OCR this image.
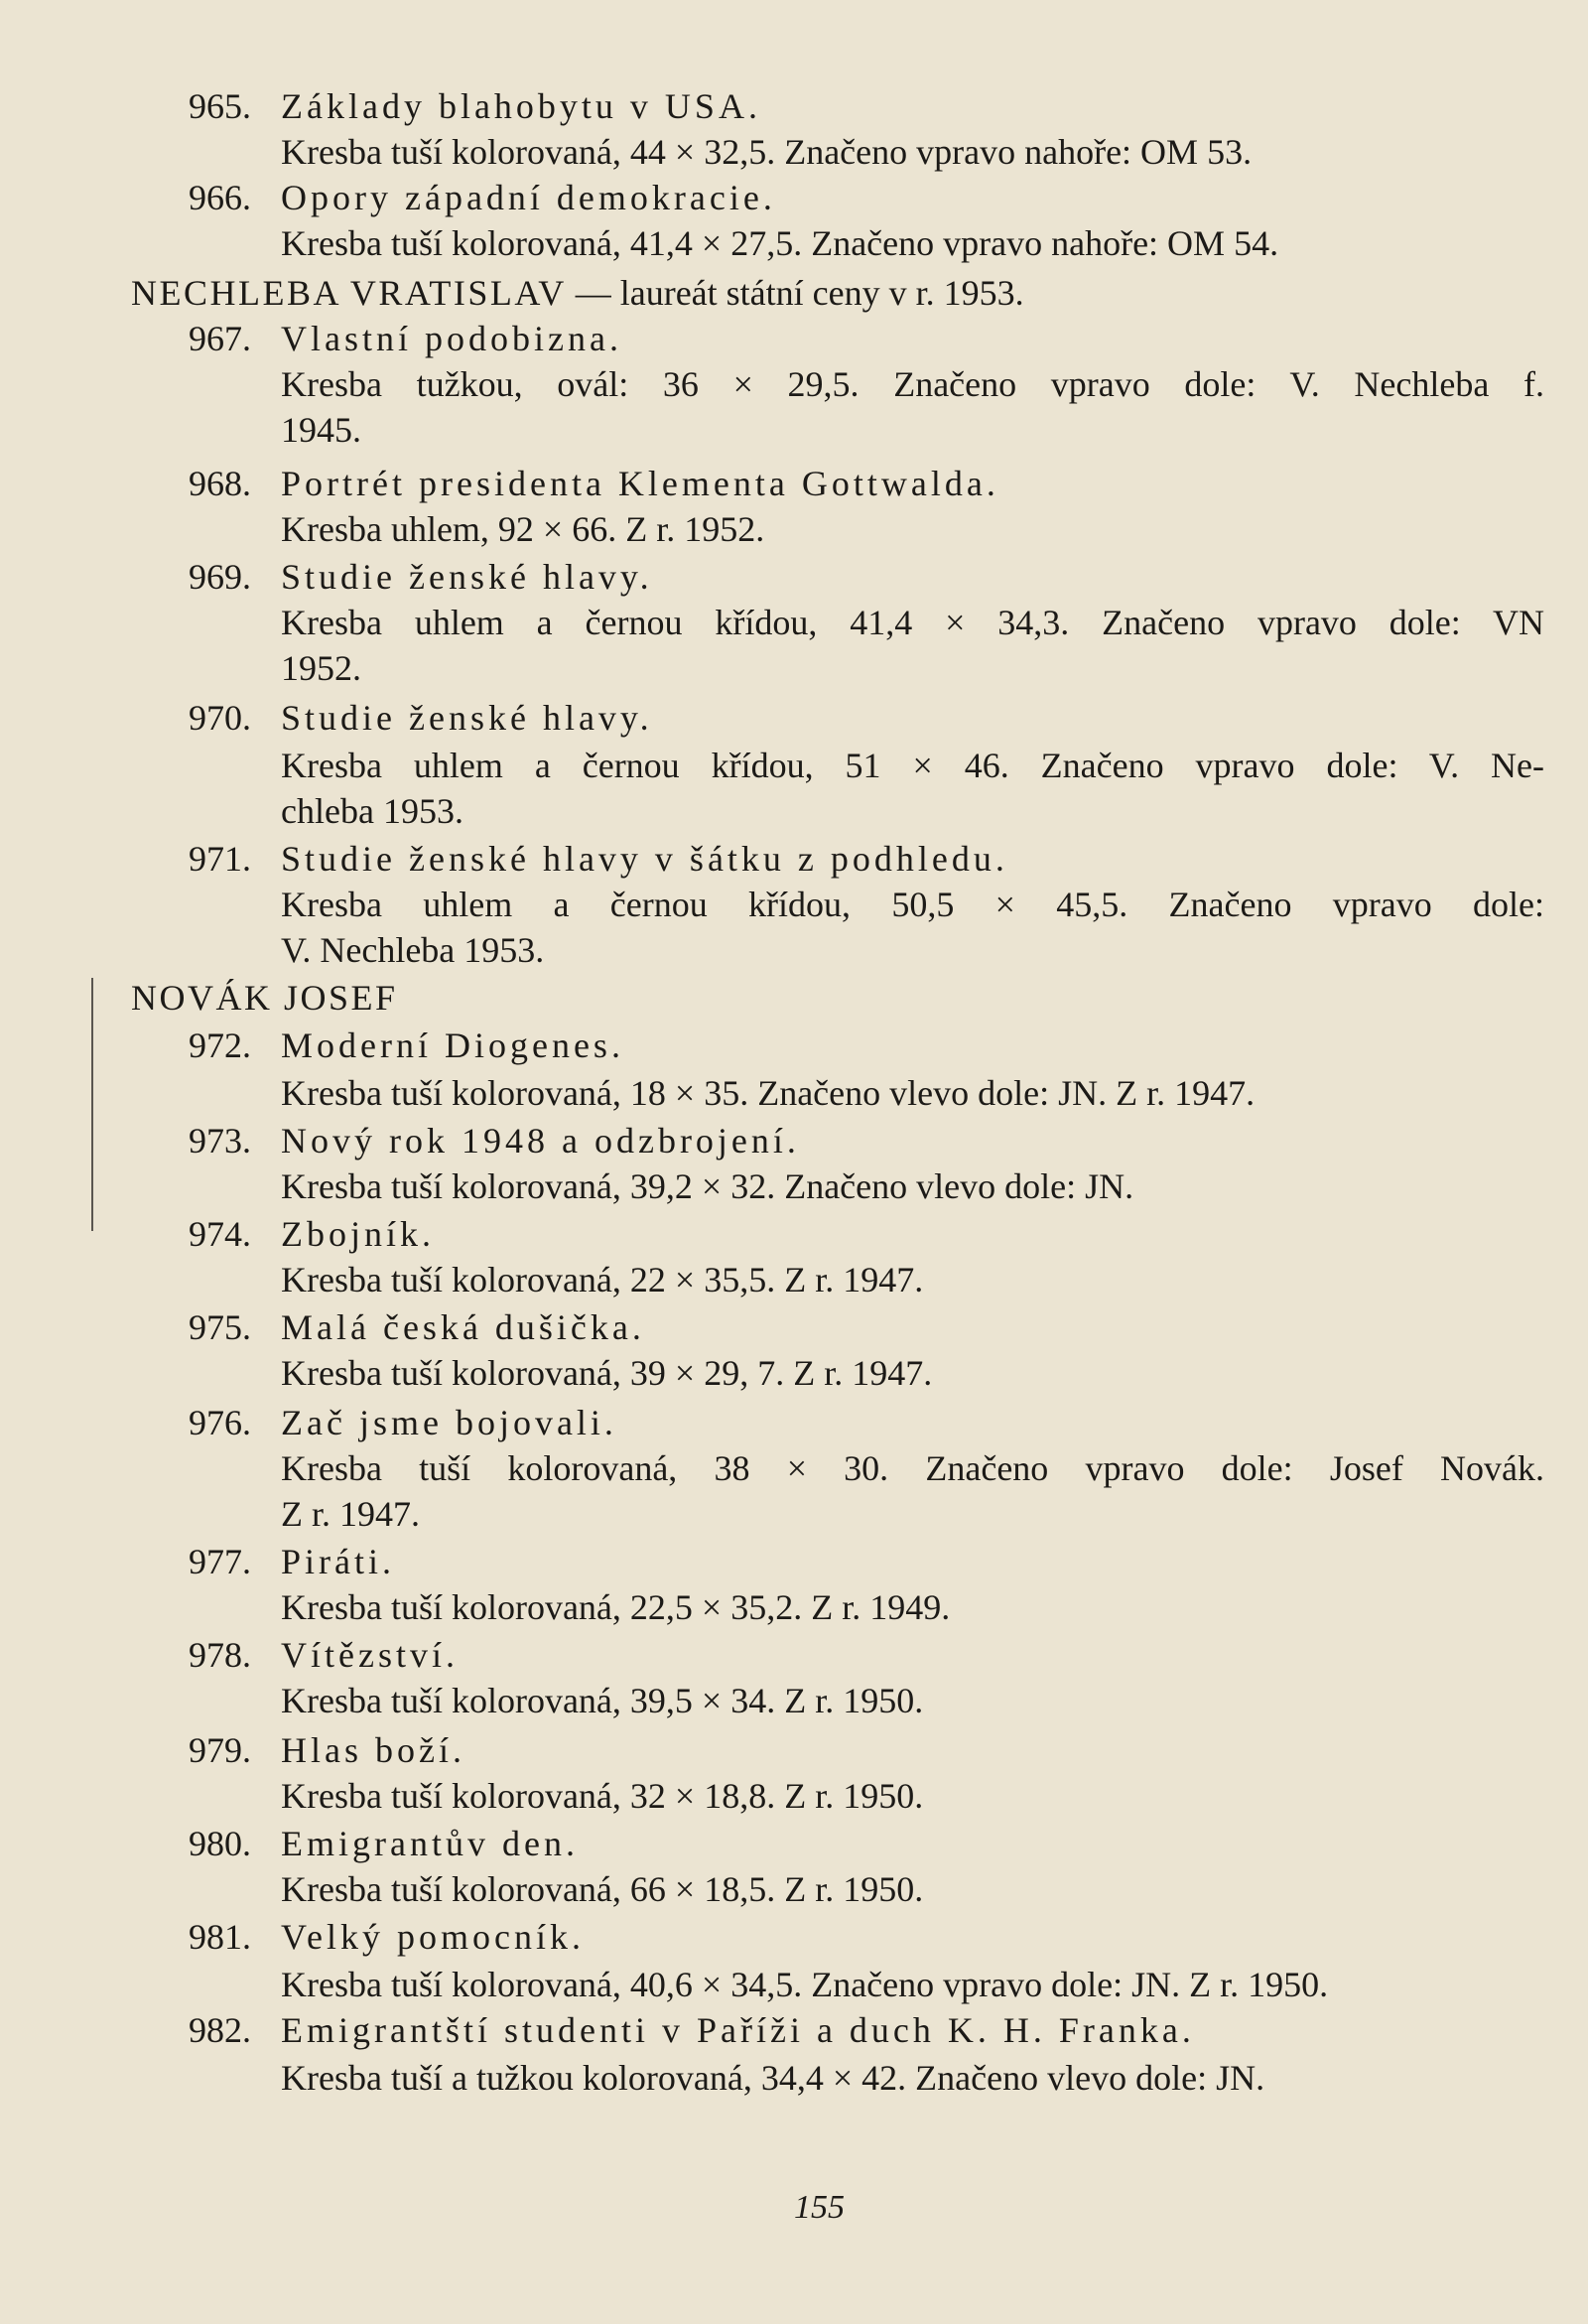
965. Základy blahobytu v USA.
Kresba tuší kolorovaná, 44 × 32,5. Značeno vpravo nahoře: OM 53.
966. Opory západní demokracie.
Kresba tuší kolorovaná, 41,4 × 27,5. Značeno vpravo nahoře: OM 54.
NECHLEBA VRATISLAV — laureát státní ceny v r. 1953.
967. Vlastní podobizna.
Kresba tužkou, ovál: 36 × 29,5. Značeno vpravo dole: V. Nechleba f.
1945.
968. Portrét presidenta Klementa Gottwalda.
Kresba uhlem, 92 × 66. Z r. 1952.
969. Studie ženské hlavy.
Kresba uhlem a černou křídou, 41,4 × 34,3. Značeno vpravo dole: VN
1952.
970. Studie ženské hlavy.
Kresba uhlem a černou křídou, 51 × 46. Značeno vpravo dole: V. Ne-
chleba 1953.
971. Studie ženské hlavy v šátku z podhledu.
Kresba uhlem a černou křídou, 50,5 × 45,5. Značeno vpravo dole:
V. Nechleba 1953.
NOVÁK JOSEF
972. Moderní Diogenes.
Kresba tuší kolorovaná, 18 × 35. Značeno vlevo dole: JN. Z r. 1947.
973. Nový rok 1948 a odzbrojení.
Kresba tuší kolorovaná, 39,2 × 32. Značeno vlevo dole: JN.
974. Zbojník.
Kresba tuší kolorovaná, 22 × 35,5. Z r. 1947.
975. Malá česká dušička.
Kresba tuší kolorovaná, 39 × 29, 7. Z r. 1947.
976. Zač jsme bojovali.
Kresba tuší kolorovaná, 38 × 30. Značeno vpravo dole: Josef Novák.
Z r. 1947.
977. Piráti.
Kresba tuší kolorovaná, 22,5 × 35,2. Z r. 1949.
978. Vítězství.
Kresba tuší kolorovaná, 39,5 × 34. Z r. 1950.
979. Hlas boží.
Kresba tuší kolorovaná, 32 × 18,8. Z r. 1950.
980. Emigrantův den.
Kresba tuší kolorovaná, 66 × 18,5. Z r. 1950.
981. Velký pomocník.
Kresba tuší kolorovaná, 40,6 × 34,5. Značeno vpravo dole: JN. Z r. 1950.
982. Emigrantští studenti v Paříži a duch K. H. Franka.
Kresba tuší a tužkou kolorovaná, 34,4 × 42. Značeno vlevo dole: JN.
155
